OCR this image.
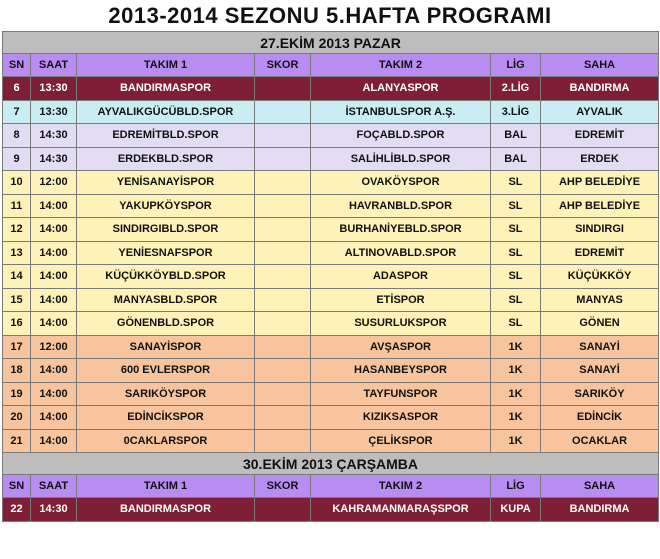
2013-2014 SEZONU 5.HAFTA PROGRAMI
27.EKİM 2013 PAZAR						
SN	SAAT	TAKIM 1	SKOR	TAKIM 2	LİG	SAHA
6	13:30	BANDIRMASPOR		ALANYASPOR	2.LİG	BANDIRMA
7	13:30	AYVALIKGÜCÜBLD.SPOR		İSTANBULSPOR A.Ş.	3.LİG	AYVALIK
8	14:30	EDREMİTBLD.SPOR		FOÇABLD.SPOR	BAL	EDREMİT
9	14:30	ERDEKBLD.SPOR		SALİHLİBLD.SPOR	BAL	ERDEK
10	12:00	YENİSANAYİSPOR		OVAKÖYSPOR	SL	AHP BELEDİYE
11	14:00	YAKUPKÖYSPOR		HAVRANBLD.SPOR	SL	AHP BELEDİYE
12	14:00	SINDIRGIBLD.SPOR		BURHANİYEBLD.SPOR	SL	SINDIRGI
13	14:00	YENİESNAFSPOR		ALTINOVABLD.SPOR	SL	EDREMİT
14	14:00	KÜÇÜKKÖYBLD.SPOR		ADASPOR	SL	KÜÇÜKKÖY
15	14:00	MANYASBLD.SPOR		ETİSPOR	SL	MANYAS
16	14:00	GÖNENBLD.SPOR		SUSURLUKSPOR	SL	GÖNEN
17	12:00	SANAYİSPOR		AVŞASPOR	1K	SANAYİ
18	14:00	600 EVLERSPOR		HASANBEYSPOR	1K	SANAYİ
19	14:00	SARIKÖYSPOR		TAYFUNSPOR	1K	SARIKÖY
20	14:00	EDİNCİKSPOR		KIZIKSASPOR	1K	EDİNCİK
21	14:00	0CAKLARSPOR		ÇELİKSPOR	1K	OCAKLAR
30.EKİM 2013 ÇARŞAMBA						
SN	SAAT	TAKIM 1	SKOR	TAKIM 2	LİG	SAHA
22	14:30	BANDIRMASPOR		KAHRAMANMARAŞSPOR	KUPA	BANDIRMA
